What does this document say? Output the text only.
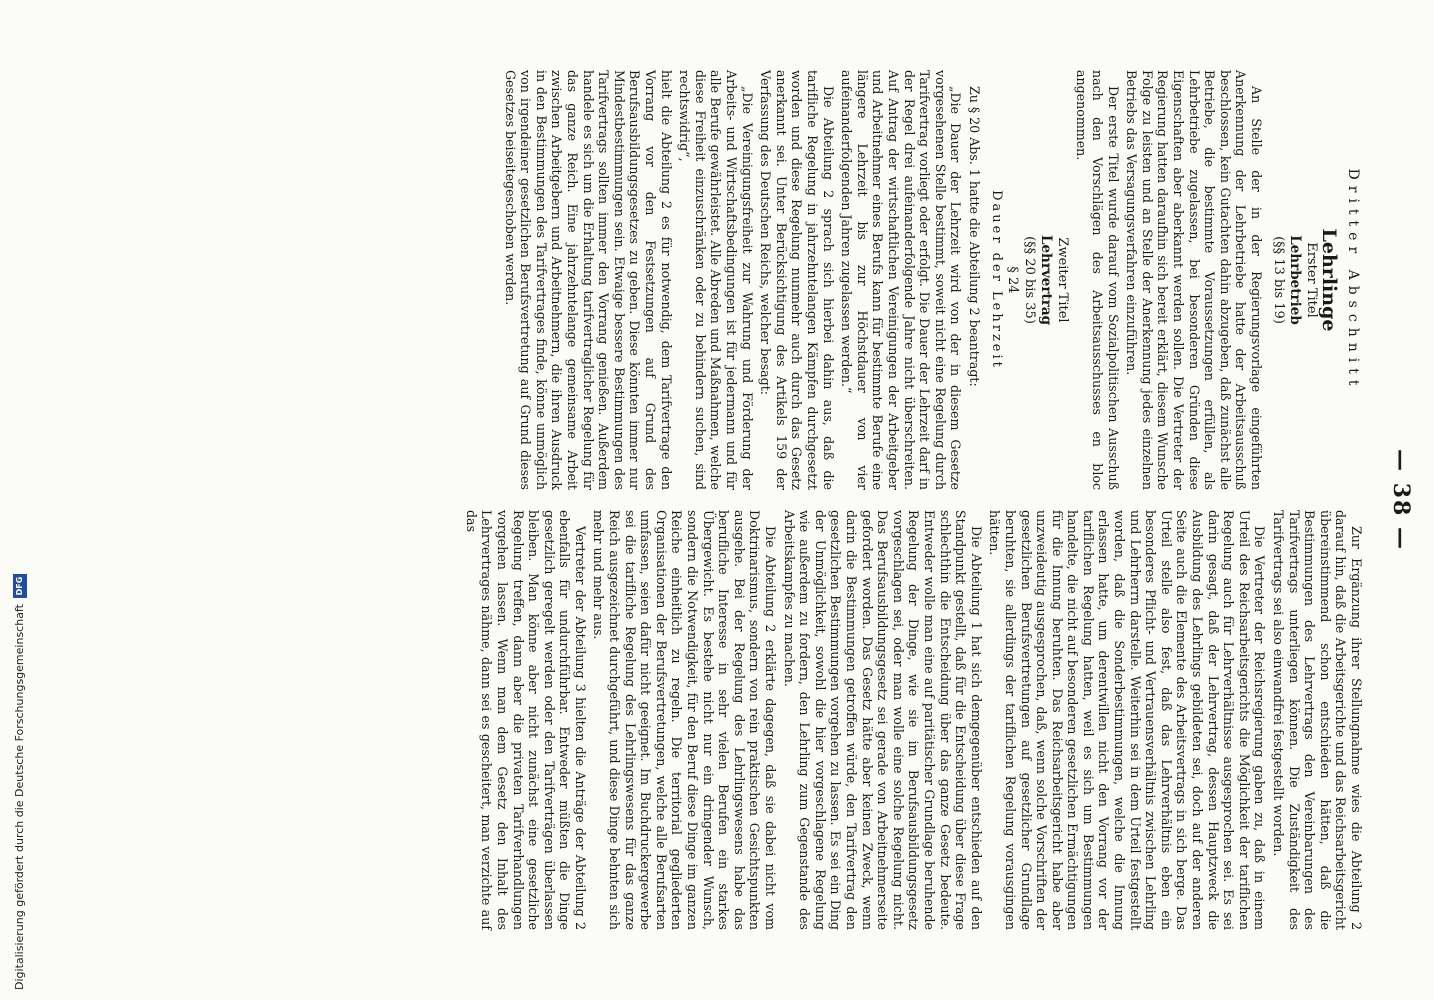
— 38 —
Dritter Abschnitt
Lehrlinge
Erster Titel
Lehrbetrieb
(§§ 13 bis 19)

An Stelle der in der Regierungsvorlage eingeführten Anerkennung der Lehrbetriebe hatte der Arbeitsausschuß beschlossen, kein Gutachten dahin abzugeben, daß zunächst alle Betriebe, die bestimmte Voraussetzungen erfüllen, als Lehrbetriebe zugelassen, bei besonderen Gründen diese Eigenschaften aber aberkannt werden sollen. Die Vertreter der Regierung hatten daraufhin sich bereit erklärt, diesem Wunsche Folge zu leisten und an Stelle der Anerkennung jedes einzelnen Betriebs das Versagungsverfahren einzuführen.

Der erste Titel wurde darauf vom Sozialpolitischen Ausschuß nach den Vorschlägen des Arbeitsausschusses en bloc angenommen.

Zweiter Titel
Lehrvertrag
(§§ 20 bis 35)
§ 24
Dauer der Lehrzeit

Zu § 20 Abs. 1 hatte die Abteilung 2 beantragt:

„Die Dauer der Lehrzeit wird von der in diesem Gesetze vorgesehenen Stelle bestimmt, soweit nicht eine Regelung durch Tarifvertrag vorliegt oder erfolgt. Die Dauer der Lehrzeit darf in der Regel drei aufeinanderfolgende Jahre nicht überschreiten. Auf Antrag der wirtschaftlichen Vereinigungen der Arbeitgeber und Arbeitnehmer eines Berufs kann für bestimmte Berufe eine längere Lehrzeit bis zur Höchstdauer von vier aufeinanderfolgenden Jahren zugelassen werden.“

Die Abteilung 2 sprach sich hierbei dahin aus, daß die tarifliche Regelung in jahrzehntelangen Kämpfen durchgesetzt worden und diese Regelung nunmehr auch durch das Gesetz anerkannt sei. Unter Berücksichtigung des Artikels 159 der Verfassung des Deutschen Reichs, welcher besagt:

„Die Vereinigungsfreiheit zur Wahrung und Förderung der Arbeits- und Wirtschaftsbedingungen ist für jedermann und für alle Berufe gewährleistet. Alle Abreden und Maßnahmen, welche diese Freiheit einzuschränken oder zu behindern suchen, sind rechtswidrig“,

hielt die Abteilung 2 es für notwendig, dem Tarifvertrage den Vorrang vor den Festsetzungen auf Grund des Berufsausbildungsgesetzes zu geben. Diese könnten immer nur Mindestbestimmungen sein. Etwaige bessere Bestimmungen des Tarifvertrags sollten immer den Vorrang genießen. Außerdem handele es sich um die Erhaltung tarifvertraglicher Regelung für das ganze Reich. Eine jahrzehntelange gemeinsame Arbeit zwischen Arbeitgebern und Arbeitnehmern, die ihren Ausdruck in den Bestimmungen des Tarifvertrages finde, könne unmöglich von irgendeiner gesetzlichen Berufsvertretung auf Grund dieses Gesetzes beiseitegeschoben werden.

Zur Ergänzung ihrer Stellungnahme wies die Abteilung 2 darauf hin, daß die Arbeitsgerichte und das Reichsarbeitsgericht übereinstimmend schon entschieden hätten, daß die Bestimmungen des Lehrvertrags den Vereinbarungen des Tarifvertrags unterliegen können. Die Zuständigkeit des Tarifvertrags sei also einwandfrei festgestellt worden.

Die Vertreter der Reichsregierung gaben zu, daß in einem Urteil des Reichsarbeitsgerichts die Möglichkeit der tariflichen Regelung auch für Lehrverhältnisse ausgesprochen sei. Es sei darin gesagt, daß der Lehrvertrag, dessen Hauptzweck die Ausbildung des Lehrlings gebildeten sei, doch auf der anderen Seite auch die Elemente des Arbeitsvertrags in sich berge. Das Urteil stelle also fest, daß das Lehrverhältnis eben ein besonderes Pflicht- und Vertrauensverhältnis zwischen Lehrling und Lehrherrn darstelle. Weiterhin sei in dem Urteil festgestellt worden, daß die Sonderbestimmungen, welche die Innung erlassen hatte, um derentwillen nicht den Vorrang vor der tariflichen Regelung hatten, weil es sich um Bestimmungen handelte, die nicht auf besonderen gesetzlichen Ermächtigungen für die Innung beruhten. Das Reichsarbeitsgericht habe aber unzweideutig ausgesprochen, daß, wenn solche Vorschriften der gesetzlichen Berufsvertretungen auf gesetzlicher Grundlage beruhten, sie allerdings der tariflichen Regelung vorausgingen hätten.

Die Abteilung 1 hat sich demgegenüber entschieden auf den Standpunkt gestellt, daß für die Entscheidung über diese Frage schlechthin die Entscheidung über das ganze Gesetz bedeute. Entweder wolle man eine auf paritätischer Grundlage beruhende Regelung der Dinge, wie sie im Berufsausbildungsgesetz vorgeschlagen sei, oder man wolle eine solche Regelung nicht. Das Berufsausbildungsgesetz sei gerade von Arbeitnehmerseite gefordert worden. Das Gesetz hätte aber keinen Zweck, wenn darin die Bestimmungen getroffen würde, den Tarifvertrag den gesetzlichen Bestimmungen vorgehen zu lassen. Es sei ein Ding der Unmöglichkeit, sowohl die hier vorgeschlagene Regelung wie außerdem zu fordern, den Lehrling zum Gegenstande des Arbeitskampfes zu machen.

Die Abteilung 2 erklärte dagegen, daß sie dabei nicht vom Doktrinarismus, sondern von rein praktischen Gesichtspunkten ausgehe. Bei der Regelung des Lehrlingswesens habe das berufliche Interesse in sehr vielen Berufen ein starkes Übergewicht. Es bestehe nicht nur ein dringender Wunsch, sondern die Notwendigkeit, für den Beruf diese Dinge im ganzen Reiche einheitlich zu regeln. Die territorial gegliederten Organisationen der Berufsvertretungen, welche alle Berufsarten umfassen, seien dafür nicht geeignet. Im Buchdruckergewerbe sei die tarifliche Regelung des Lehrlingswesens für das ganze Reich ausgezeichnet durchgeführt, und diese Dinge behnten sich mehr und mehr aus.

Vertreter der Abteilung 3 hielten die Anträge der Abteilung 2 ebenfalls für undurchführbar. Entweder müßten die Dinge gesetzlich geregelt werden oder den Tarifverträgen überlassen bleiben. Man könne aber nicht zunächst eine gesetzliche Regelung treffen, dann aber die privaten Tarifverhandlungen vorgehen lassen. Wenn man dem Gesetz den Inhalt des Lehrvertrages nähme, dann sei es gescheitert, man verzichte auf das

Digitalisierung gefördert durch die Deutsche Forschungsgemeinschaft
DFG
